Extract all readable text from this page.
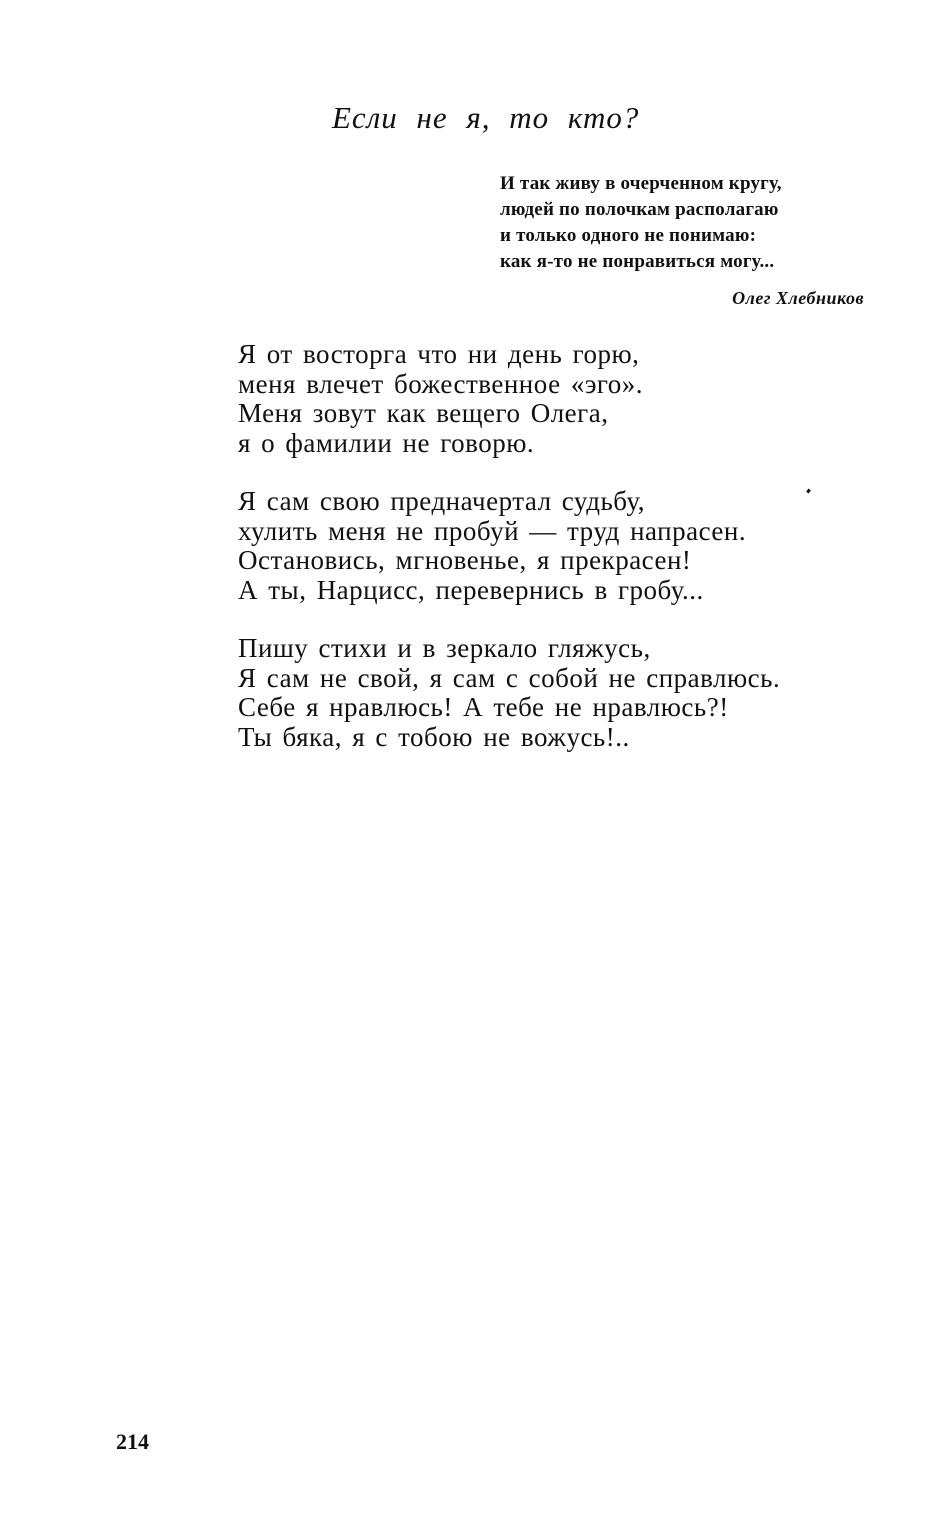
Если не я, то кто?
И так живу в очерченном кругу,
людей по полочкам располагаю
и только одного не понимаю:
как я-то не понравиться могу...
Олег Хлебников
Я от восторга что ни день горю,
меня влечет божественное «эго».
Меня зовут как вещего Олега,
я о фамилии не говорю.
Я сам свою предначертал судьбу,
хулить меня не пробуй — труд напрасен.
Остановись, мгновенье, я прекрасен!
А ты, Нарцисс, перевернись в гробу...
Пишу стихи и в зеркало гляжусь,
Я сам не свой, я сам с собой не справлюсь.
Себе я нравлюсь! А тебе не нравлюсь?!
Ты бяка, я с тобою не вожусь!..
214
